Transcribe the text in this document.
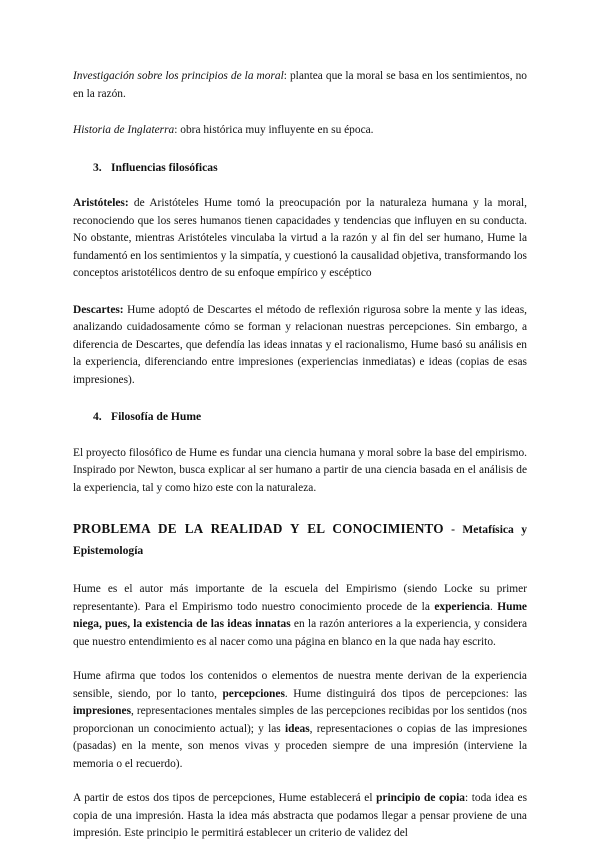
Investigación sobre los principios de la moral: plantea que la moral se basa en los sentimientos, no en la razón.

Historia de Inglaterra: obra histórica muy influyente en su época.

3. Influencias filosóficas

Aristóteles: de Aristóteles Hume tomó la preocupación por la naturaleza humana y la moral, reconociendo que los seres humanos tienen capacidades y tendencias que influyen en su conducta. No obstante, mientras Aristóteles vinculaba la virtud a la razón y al fin del ser humano, Hume la fundamentó en los sentimientos y la simpatía, y cuestionó la causalidad objetiva, transformando los conceptos aristotélicos dentro de su enfoque empírico y escéptico

Descartes: Hume adoptó de Descartes el método de reflexión rigurosa sobre la mente y las ideas, analizando cuidadosamente cómo se forman y relacionan nuestras percepciones. Sin embargo, a diferencia de Descartes, que defendía las ideas innatas y el racionalismo, Hume basó su análisis en la experiencia, diferenciando entre impresiones (experiencias inmediatas) e ideas (copias de esas impresiones).

4. Filosofía de Hume

El proyecto filosófico de Hume es fundar una ciencia humana y moral sobre la base del empirismo. Inspirado por Newton, busca explicar al ser humano a partir de una ciencia basada en el análisis de la experiencia, tal y como hizo este con la naturaleza.

PROBLEMA DE LA REALIDAD Y EL CONOCIMIENTO - Metafísica y Epistemología

Hume es el autor más importante de la escuela del Empirismo (siendo Locke su primer representante). Para el Empirismo todo nuestro conocimiento procede de la experiencia. Hume niega, pues, la existencia de las ideas innatas en la razón anteriores a la experiencia, y considera que nuestro entendimiento es al nacer como una página en blanco en la que nada hay escrito.

Hume afirma que todos los contenidos o elementos de nuestra mente derivan de la experiencia sensible, siendo, por lo tanto, percepciones. Hume distinguirá dos tipos de percepciones: las impresiones, representaciones mentales simples de las percepciones recibidas por los sentidos (nos proporcionan un conocimiento actual); y las ideas, representaciones o copias de las impresiones (pasadas) en la mente, son menos vivas y proceden siempre de una impresión (interviene la memoria o el recuerdo).

A partir de estos dos tipos de percepciones, Hume establecerá el principio de copia: toda idea es copia de una impresión. Hasta la idea más abstracta que podamos llegar a pensar proviene de una impresión. Este principio le permitirá establecer un criterio de validez del
